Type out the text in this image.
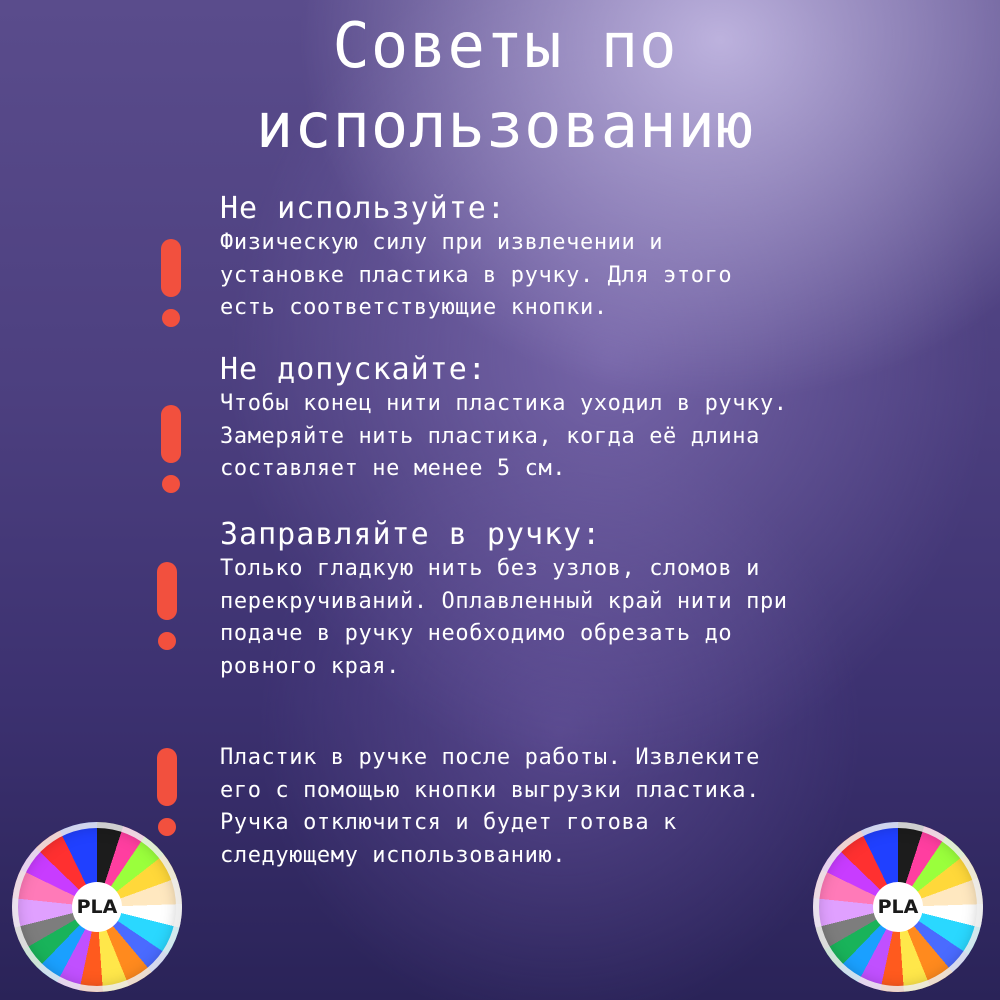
Советы по
использованию
Не используйте:

Физическую силу при извлечении и
установке пластика в ручку. Для этого
есть соответствующие кнопки.

Не допускайте:

Чтобы конец нити пластика уходил в ручку.
Замеряйте нить пластика, когда её длина
составляет не менее 5 см.

Заправляйте в ручку:

Только гладкую нить без узлов, сломов и
перекручиваний. Оплавленный край нити при
подаче в ручку необходимо обрезать до
ровного края.

Пластик в ручке после работы. Извлеките
его с помощью кнопки выгрузки пластика.
Ручка отключится и будет готова к
следующему использованию.

PLA	PLA
